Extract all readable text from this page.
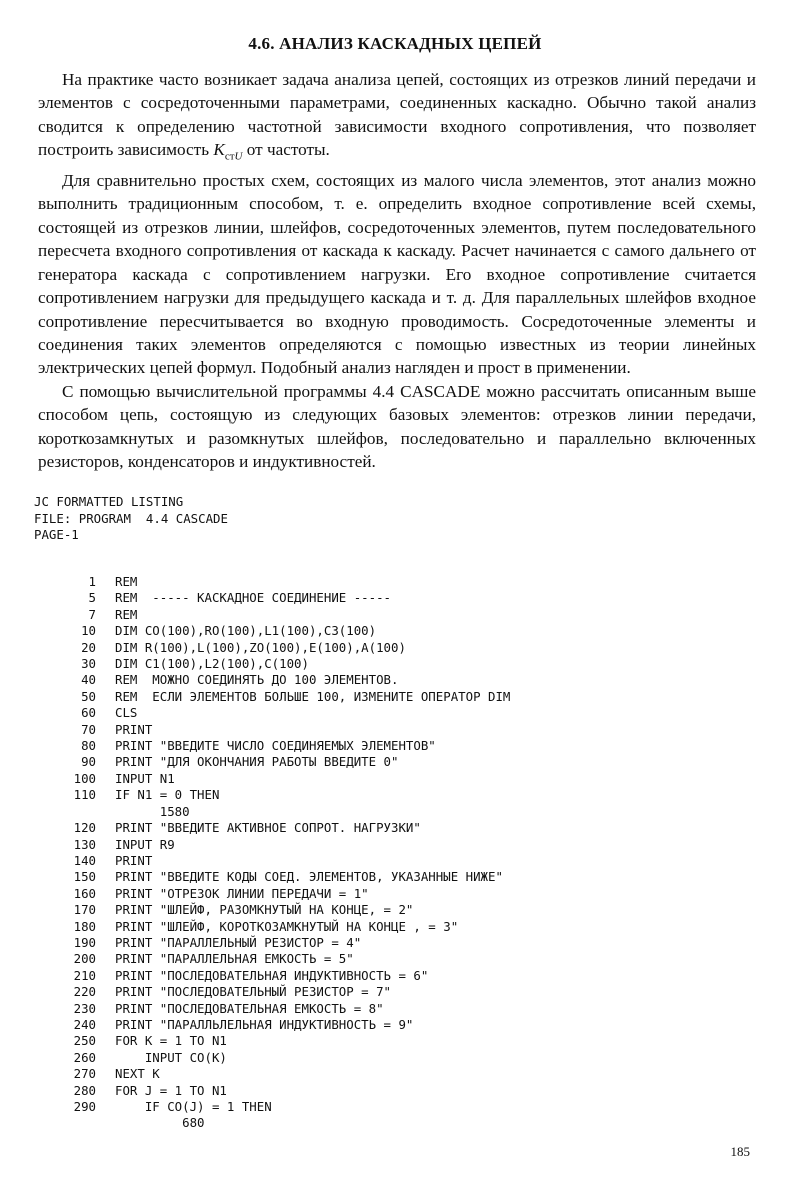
4.6. АНАЛИЗ КАСКАДНЫХ ЦЕПЕЙ

На практике часто возникает задача анализа цепей, состоящих из отрезков линий передачи и элементов с сосредоточенными параметрами, соединенных каскадно. Обычно такой анализ сводится к определению частотной зависимости входного сопротивления, что позволяет построить зависимость $K_{стU}$ от частоты.

Для сравнительно простых схем, состоящих из малого числа элементов, этот анализ можно выполнить традиционным способом, т. е. определить входное сопротивление всей схемы, состоящей из отрезков линии, шлейфов, сосредоточенных элементов, путем последовательного пересчета входного сопротивления от каскада к каскаду. Расчет начинается с самого дальнего от генератора каскада с сопротивлением нагрузки. Его входное сопротивление считается сопротивлением нагрузки для предыдущего каскада и т. д. Для параллельных шлейфов входное сопротивление пересчитывается во входную проводимость. Сосредоточенные элементы и соединения таких элементов определяются с помощью известных из теории линейных электрических цепей формул. Подобный анализ нагляден и прост в применении.

С помощью вычислительной программы 4.4 CASCADE можно рассчитать описанным выше способом цепь, состоящую из следующих базовых элементов: отрезков линии передачи, короткозамкнутых и разомкнутых шлейфов, последовательно и параллельно включенных резисторов, конденсаторов и индуктивностей.

JC FORMATTED LISTING
FILE: PROGRAM  4.4 CASCADE
PAGE-1
1	REM
5	REM  ----- КАСКАДНОЕ СОЕДИНЕНИЕ -----
7	REM
10	DIM CO(100),RO(100),L1(100),C3(100)
20	DIM R(100),L(100),ZO(100),E(100),A(100)
30	DIM C1(100),L2(100),C(100)
40	REM  МОЖНО СОЕДИНЯТЬ ДО 100 ЭЛЕМЕНТОВ.
50	REM  ЕСЛИ ЭЛЕМЕНТОВ БОЛЬШЕ 100, ИЗМЕНИТЕ ОПЕРАТОР DIM
60	CLS
70	PRINT
80	PRINT "ВВЕДИТЕ ЧИСЛО СОЕДИНЯЕМЫХ ЭЛЕМЕНТОВ"
90	PRINT "ДЛЯ ОКОНЧАНИЯ РАБОТЫ ВВЕДИТЕ 0"
100	INPUT N1
110	IF N1 = 0 THEN
1580
120	PRINT "ВВЕДИТЕ АКТИВНОЕ СОПРОТ. НАГРУЗКИ"
130	INPUT R9
140	PRINT
150	PRINT "ВВЕДИТЕ КОДЫ СОЕД. ЭЛЕМЕНТОВ, УКАЗАННЫЕ НИЖЕ"
160	PRINT "ОТРЕЗОК ЛИНИИ ПЕРЕДАЧИ = 1"
170	PRINT "ШЛЕЙФ, РАЗОМКНУТЫЙ НА КОНЦЕ, = 2"
180	PRINT "ШЛЕЙФ, КОРОТКОЗАМКНУТЫЙ НА КОНЦЕ , = 3"
190	PRINT "ПАРАЛЛЕЛЬНЫЙ РЕЗИСТОР = 4"
200	PRINT "ПАРАЛЛЕЛЬНАЯ ЕМКОСТЬ = 5"
210	PRINT "ПОСЛЕДОВАТЕЛЬНАЯ ИНДУКТИВНОСТЬ = 6"
220	PRINT "ПОСЛЕДОВАТЕЛЬНЫЙ РЕЗИСТОР = 7"
230	PRINT "ПОСЛЕДОВАТЕЛЬНАЯ ЕМКОСТЬ = 8"
240	PRINT "ПАРАЛЛЬЛЕЛЬНАЯ ИНДУКТИВНОСТЬ = 9"
250	FOR K = 1 TO N1
260	INPUT CO(K)
270	NEXT K
280	FOR J = 1 TO N1
290	IF CO(J) = 1 THEN
680
185
